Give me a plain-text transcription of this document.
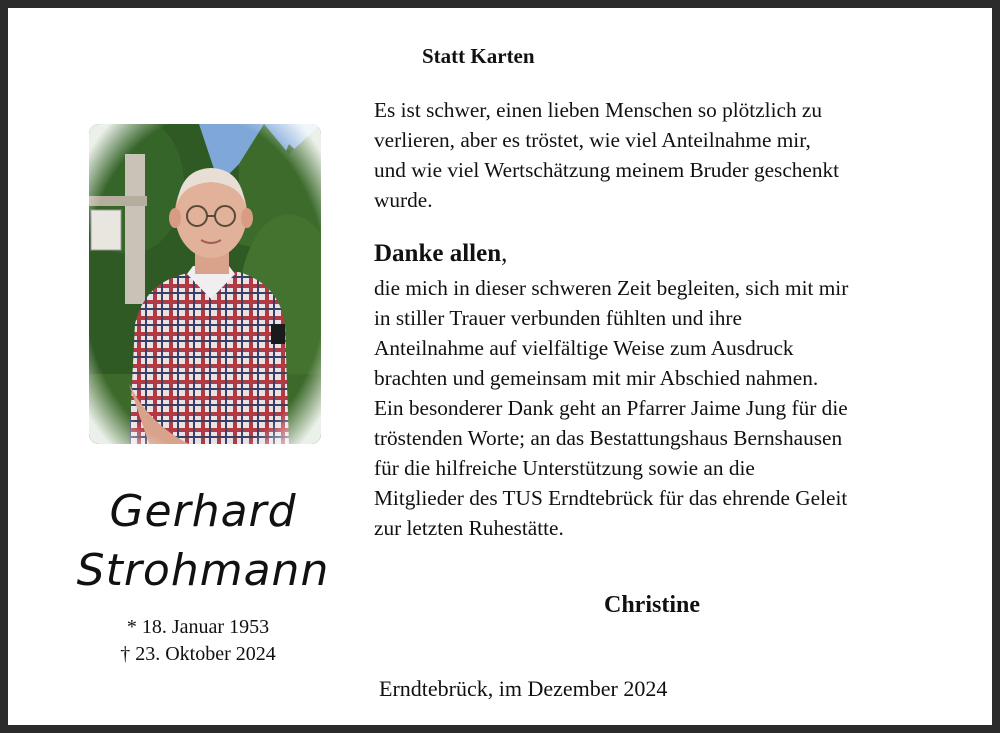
Statt Karten
Gerhard
Strohmann
* 18. Januar 1953
† 23. Oktober 2024
Es ist schwer, einen lieben Menschen so plötzlich zu
verlieren, aber es tröstet, wie viel Anteilnahme mir,
und wie viel Wertschätzung meinem Bruder geschenkt
wurde.
Danke allen,
die mich in dieser schweren Zeit begleiten, sich mit mir
in stiller Trauer verbunden fühlten und ihre
Anteilnahme auf vielfältige Weise zum Ausdruck
brachten und gemeinsam mit mir Abschied nahmen.
Ein besonderer Dank geht an Pfarrer Jaime Jung für die
tröstenden Worte; an das Bestattungshaus Bernshausen
für die hilfreiche Unterstützung sowie an die
Mitglieder des TUS Erndtebrück für das ehrende Geleit
zur letzten Ruhestätte.
Christine
Erndtebrück, im Dezember 2024
